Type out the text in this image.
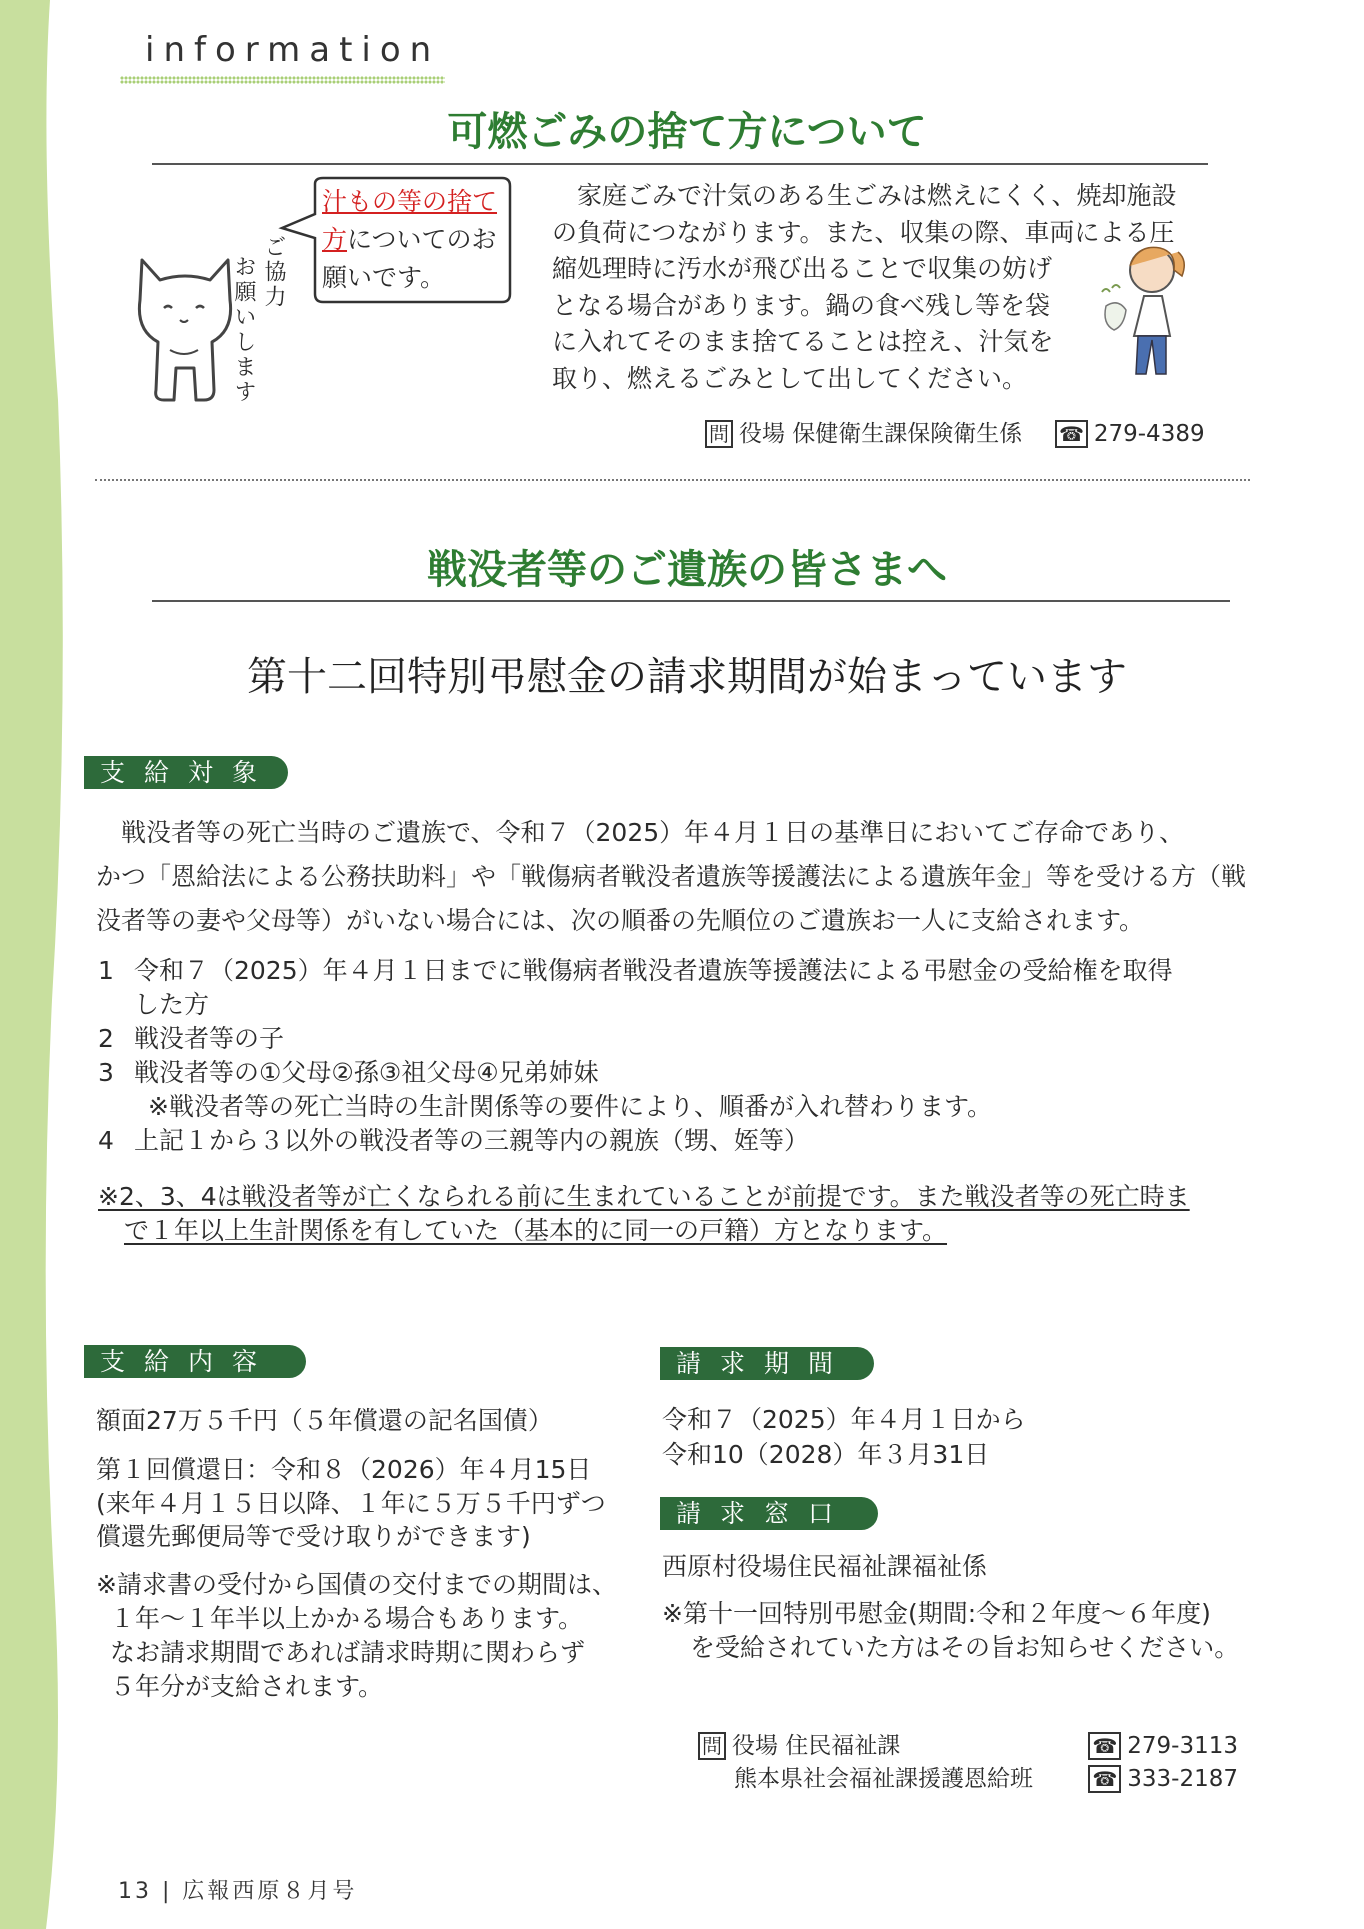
information
可燃ごみの捨て方について
汁もの等の捨て
方についてのお
願いです。
ご協力
お願いします
　家庭ごみで汁気のある生ごみは燃えにくく、焼却施設
の負荷につながります。また、収集の際、車両による圧
縮処理時に汚水が飛び出ることで収集の妨げ
となる場合があります。鍋の食べ残し等を袋
に入れてそのまま捨てることは控え、汁気を
取り、燃えるごみとして出してください。
問 役場 保健衛生課保険衛生係 ☎ 279-4389
戦没者等のご遺族の皆さまへ
第十二回特別弔慰金の請求期間が始まっています
支給対象
　戦没者等の死亡当時のご遺族で、令和７（2025）年４月１日の基準日においてご存命であり、
かつ「恩給法による公務扶助料」や「戦傷病者戦没者遺族等援護法による遺族年金」等を受ける方（戦
没者等の妻や父母等）がいない場合には、次の順番の先順位のご遺族お一人に支給されます。
1 令和７（2025）年４月１日までに戦傷病者戦没者遺族等援護法による弔慰金の受給権を取得
した方
2 戦没者等の子
3 戦没者等の①父母②孫③祖父母④兄弟姉妹
※戦没者等の死亡当時の生計関係等の要件により、順番が入れ替わります。
4 上記１から３以外の戦没者等の三親等内の親族（甥、姪等）
※2、3、4は戦没者等が亡くなられる前に生まれていることが前提です。また戦没者等の死亡時ま
で１年以上生計関係を有していた（基本的に同一の戸籍）方となります。
支給内容
額面27万５千円（５年償還の記名国債）
第１回償還日：令和８（2026）年４月15日
(来年４月１５日以降、１年に５万５千円ずつ
償還先郵便局等で受け取りができます)
※請求書の受付から国債の交付までの期間は、
１年～１年半以上かかる場合もあります。
なお請求期間であれば請求時期に関わらず
５年分が支給されます。
請求期間
令和７（2025）年４月１日から
令和10（2028）年３月31日
請求窓口
西原村役場住民福祉課福祉係
※第十一回特別弔慰金(期間:令和２年度～６年度)
を受給されていた方はその旨お知らせください。
問 役場 住民福祉課	☎ 279-3113
熊本県社会福祉課援護恩給班	☎ 333-2187
13 | 広報西原８月号
